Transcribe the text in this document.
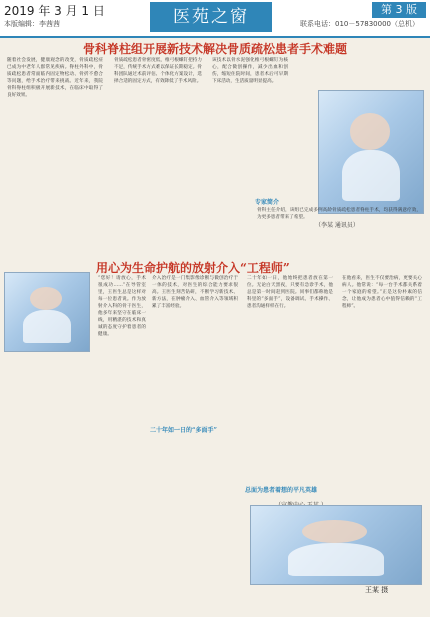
2019 年 3 月 1 日
本版编辑：李茜茜	医苑之窗	联系电话：010－57830000（总机）
第 3 版
骨科脊柱组开展新技术解决骨质疏松患者手术难题
随着社会发展，健康观念的改变，骨质疏松症已成为中老年人群常见疾病。脊柱外科中，骨质疏松患者常面临内固定物松动、骨折不愈合等问题，给手术治疗带来挑战。近年来，我院骨科脊柱组积极开展新技术，在临床中取得了良好效果。
骨质疏松患者骨密度低，椎弓根螺钉把持力不足，传统手术方式难以保证长期稳定。骨科团队通过术前评估、个体化方案设计，选择合适的固定方式，有效降低了手术风险。
该技术以骨水泥强化椎弓根螺钉为核心，配合微创操作，减少出血和创伤，缩短住院时间，患者术后可早期下床活动，生活质量明显提高。
（李某 通讯员）
专家简介
骨科主任介绍，该组已完成多例高龄骨质疏松患者脊柱手术，均获得满意疗效，为更多患者带来了希望。
用心为生命护航的放射介入“工程师”
“您好！请放心，手术很成功……”在导管室里，王医生总是这样对每一位患者说。作为放射介入科的骨干医生，他多年来坚守在临床一线，用精湛的技术和真诚的态度守护着患者的健康。
介入治疗是一门集影像诊断与微创治疗于一体的技术，对医生的综合能力要求很高。王医生刻苦钻研，不断学习新技术、新方法，在肿瘤介入、血管介入等领域积累了丰富经验。
二十年如一日的“多面手”
二十年如一日，他始终把患者放在第一位。无论白天黑夜，只要有急诊手术，他总是第一时间赶到医院。同事们都称他是科里的“多面手”，设备调试、手术操作、患者沟通样样在行。
总面为患者着想的平凡英雄
在他看来，医生不仅要治病，更要关心病人。他常说：“每一台手术都关系着一个家庭的希望。”正是这份朴素的信念，让他成为患者心中值得信赖的“工程师”。
王某 摄
